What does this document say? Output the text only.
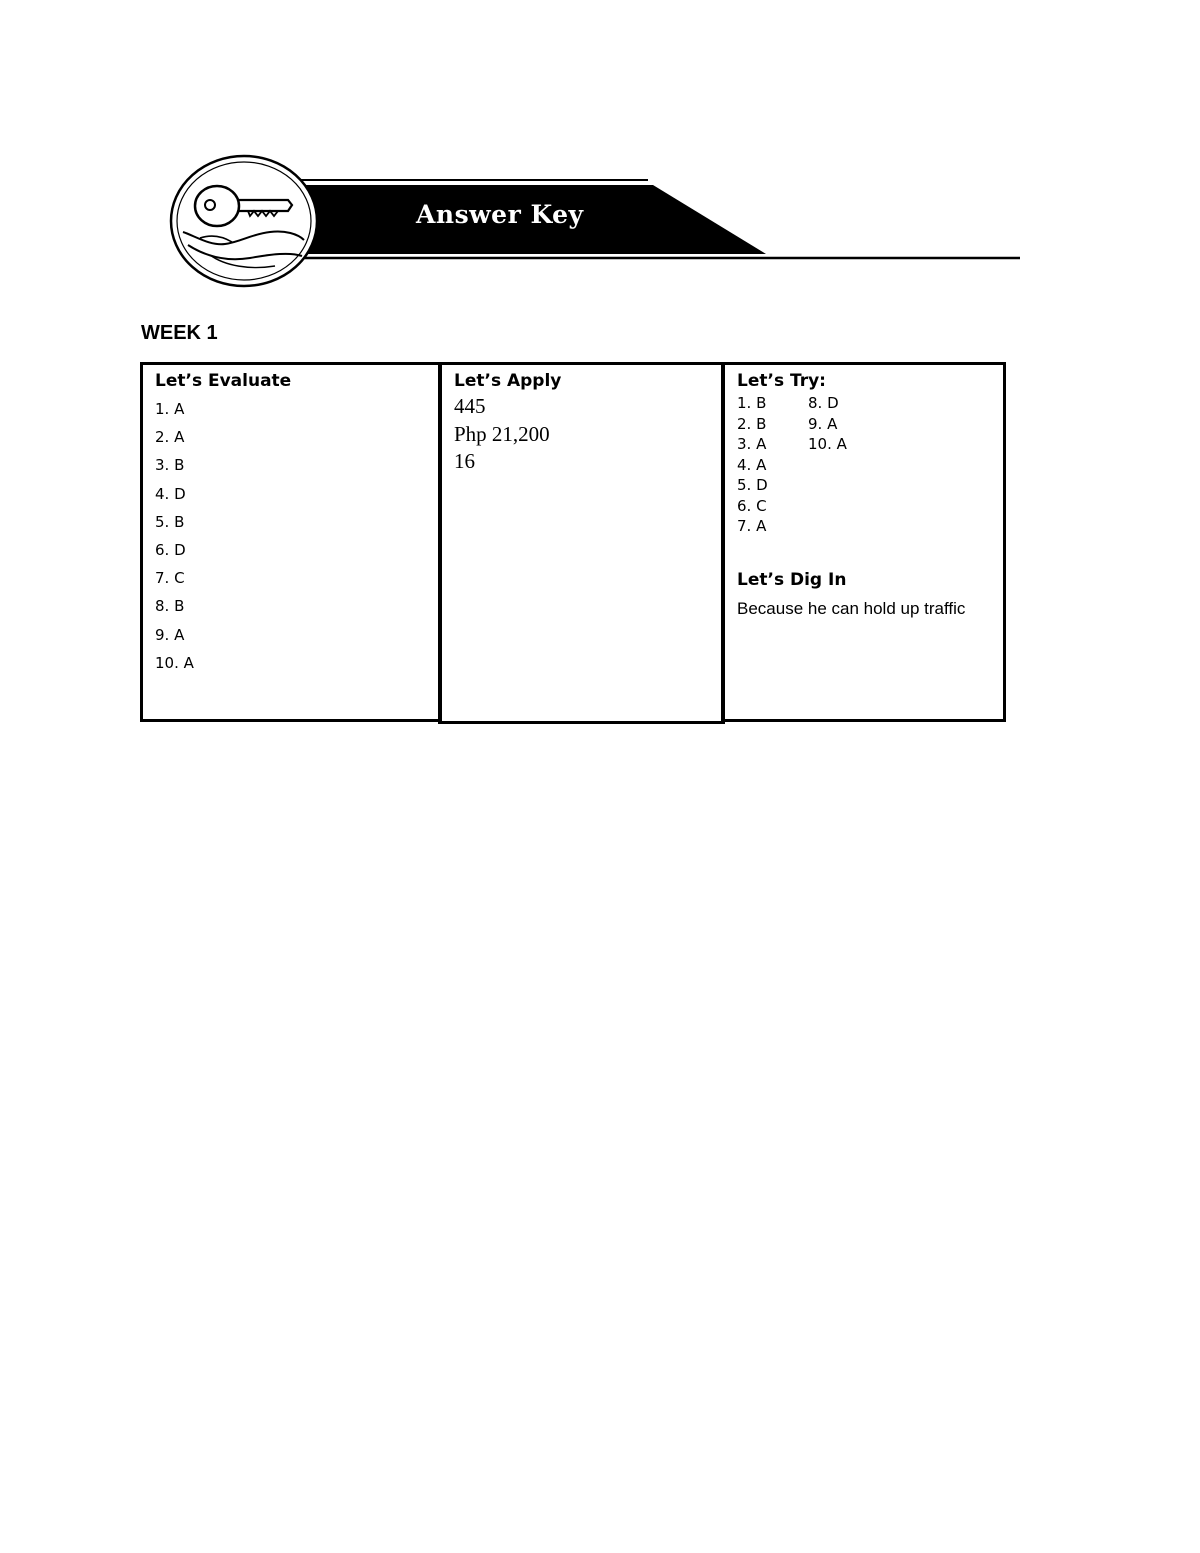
Answer Key
WEEK 1
Let’s Evaluate
1. A
2. A
3. B
4. D
5. B
6. D
7. C
8. B
9. A
10. A
Let’s Apply
445
Php 21,200
16
Let’s Try:
1. B
2. B
3. A
4. A
5. D
6. C
7. A
8. D
9. A
10. A
Let’s Dig In
Because he can hold up traffic
